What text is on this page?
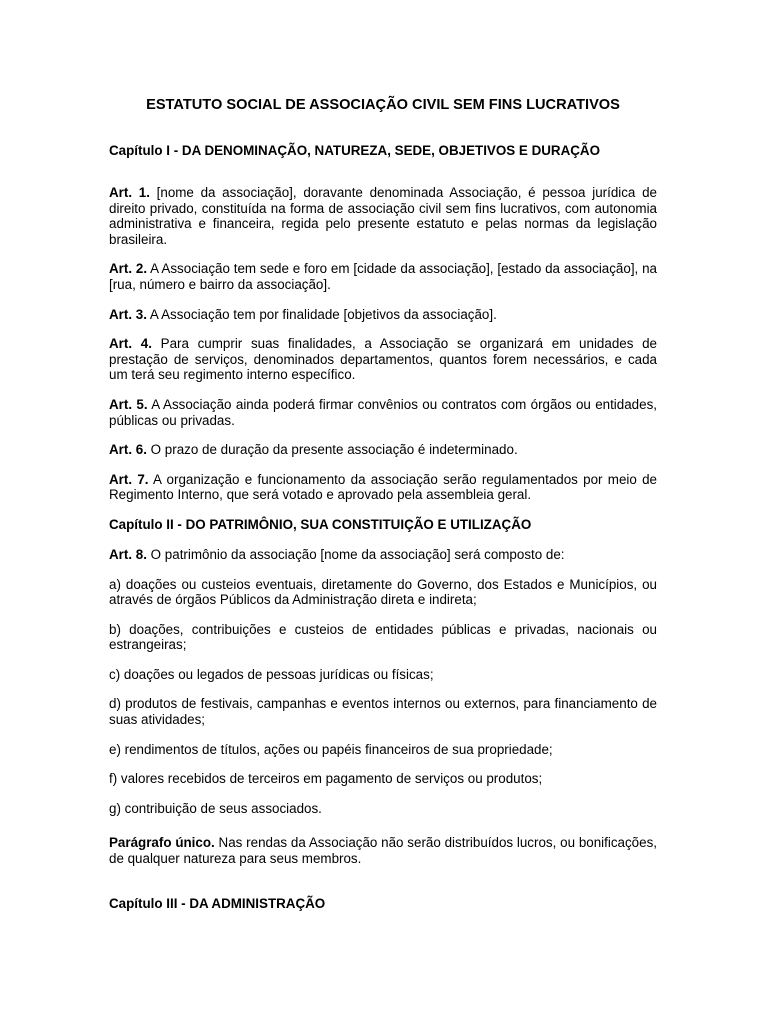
ESTATUTO SOCIAL DE ASSOCIAÇÃO CIVIL SEM FINS LUCRATIVOS
Capítulo I - DA DENOMINAÇÃO, NATUREZA, SEDE, OBJETIVOS E DURAÇÃO

Art. 1. [nome da associação], doravante denominada Associação, é pessoa jurídica de direito privado, constituída na forma de associação civil sem fins lucrativos, com autonomia administrativa e financeira, regida pelo presente estatuto e pelas normas da legislação brasileira.

Art. 2. A Associação tem sede e foro em [cidade da associação], [estado da associação], na [rua, número e bairro da associação].

Art. 3. A Associação tem por finalidade [objetivos da associação].

Art. 4. Para cumprir suas finalidades, a Associação se organizará em unidades de prestação de serviços, denominados departamentos, quantos forem necessários, e cada um terá seu regimento interno específico.

Art. 5. A Associação ainda poderá firmar convênios ou contratos com órgãos ou entidades, públicas ou privadas.

Art. 6. O prazo de duração da presente associação é indeterminado.

Art. 7. A organização e funcionamento da associação serão regulamentados por meio de Regimento Interno, que será votado e aprovado pela assembleia geral.

Capítulo II - DO PATRIMÔNIO, SUA CONSTITUIÇÃO E UTILIZAÇÃO

Art. 8. O patrimônio da associação [nome da associação] será composto de:

a) doações ou custeios eventuais, diretamente do Governo, dos Estados e Municípios, ou através de órgãos Públicos da Administração direta e indireta;

b) doações, contribuições e custeios de entidades públicas e privadas, nacionais ou estrangeiras;

c) doações ou legados de pessoas jurídicas ou físicas;

d) produtos de festivais, campanhas e eventos internos ou externos, para financiamento de suas atividades;

e) rendimentos de títulos, ações ou papéis financeiros de sua propriedade;

f) valores recebidos de terceiros em pagamento de serviços ou produtos;

g) contribuição de seus associados.

Parágrafo único. Nas rendas da Associação não serão distribuídos lucros, ou bonificações, de qualquer natureza para seus membros.

Capítulo III - DA ADMINISTRAÇÃO
